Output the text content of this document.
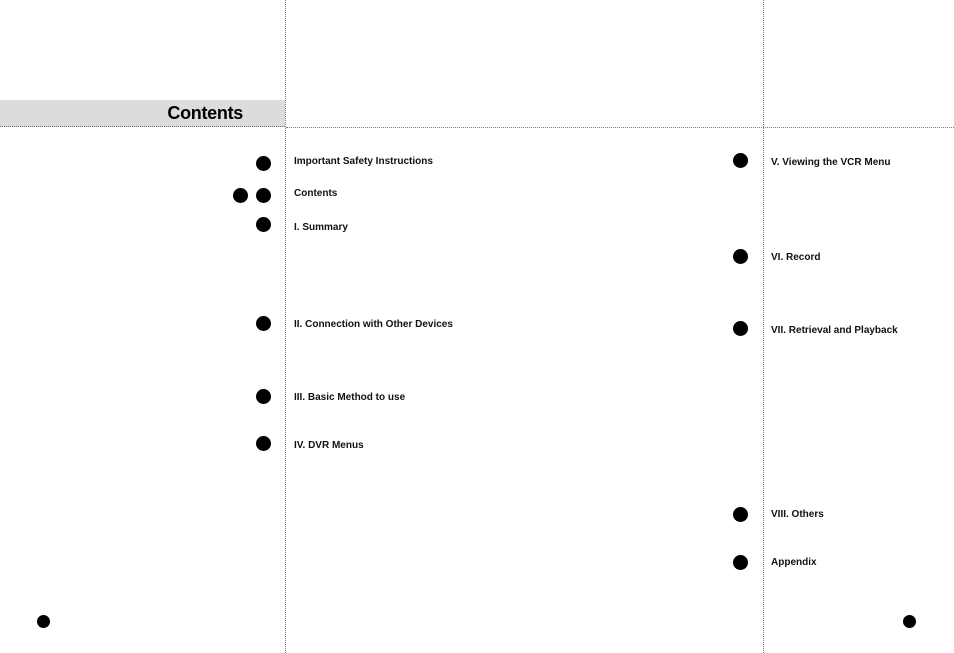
Contents
Important Safety Instructions
Contents
I. Summary
II. Connection with Other Devices
III. Basic Method to use
IV. DVR Menus
V. Viewing the VCR Menu
VI. Record
VII. Retrieval and Playback
VIII. Others
Appendix
